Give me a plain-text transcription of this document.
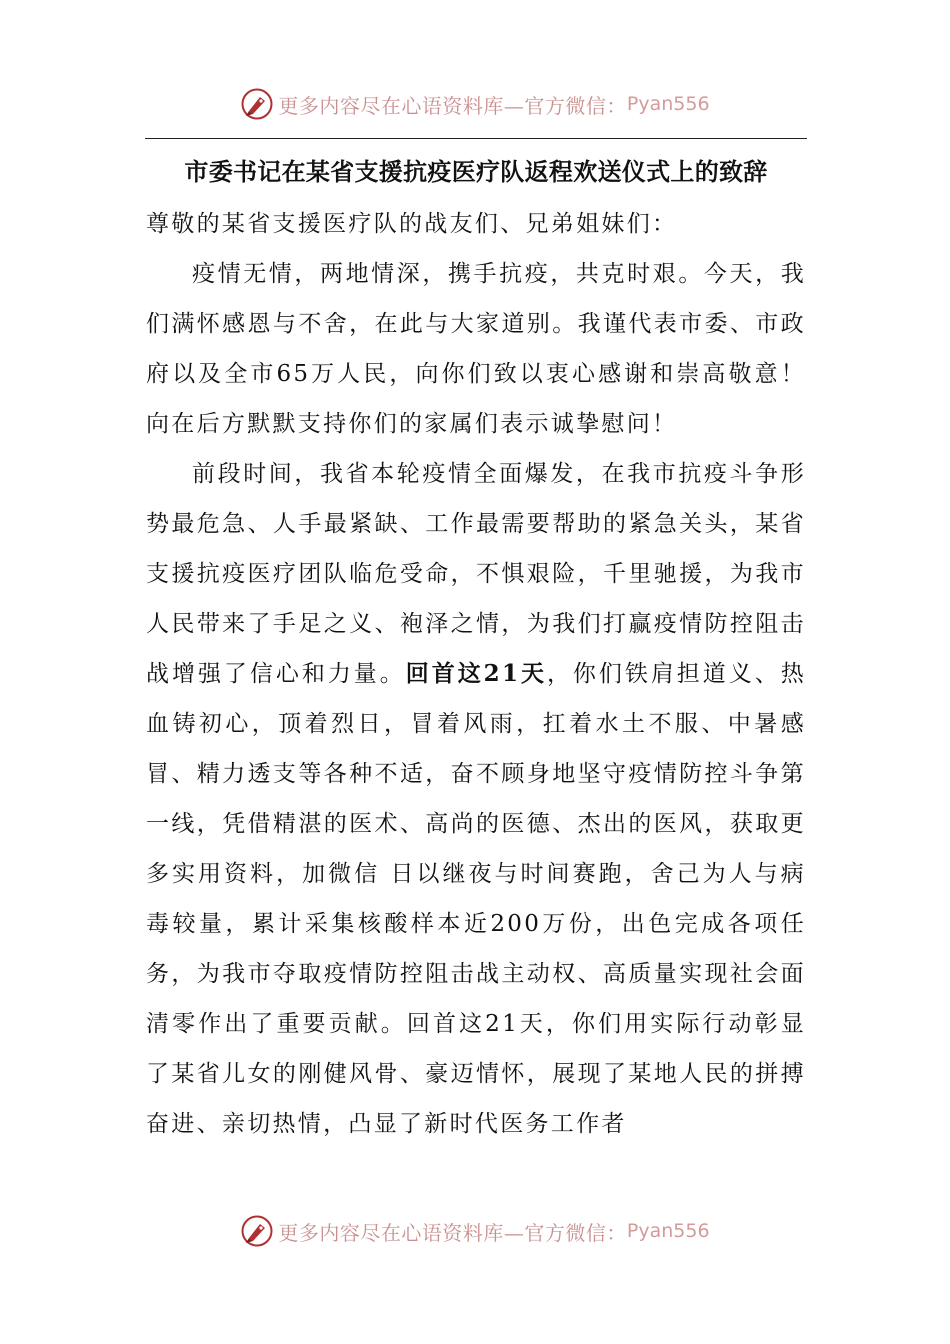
更多内容尽在心语资料库—官方微信： Pyan556
市委书记在某省支援抗疫医疗队返程欢送仪式上的致辞

尊敬的某省支援医疗队的战友们、兄弟姐妹们：

疫情无情，两地情深，携手抗疫，共克时艰。今天，我们满怀感恩与不舍，在此与大家道别。我谨代表市委、市政府以及全市65万人民，向你们致以衷心感谢和崇高敬意！向在后方默默支持你们的家属们表示诚挚慰问！

前段时间，我省本轮疫情全面爆发，在我市抗疫斗争形势最危急、人手最紧缺、工作最需要帮助的紧急关头，某省支援抗疫医疗团队临危受命，不惧艰险，千里驰援，为我市人民带来了手足之义、袍泽之情，为我们打赢疫情防控阻击战增强了信心和力量。回首这21天，你们铁肩担道义、热血铸初心，顶着烈日，冒着风雨，扛着水土不服、中暑感冒、精力透支等各种不适，奋不顾身地坚守疫情防控斗争第一线，凭借精湛的医术、高尚的医德、杰出的医风，获取更多实用资料，加微信 日以继夜与时间赛跑，舍己为人与病毒较量，累计采集核酸样本近200万份，出色完成各项任务，为我市夺取疫情防控阻击战主动权、高质量实现社会面清零作出了重要贡献。回首这21天，你们用实际行动彰显了某省儿女的刚健风骨、豪迈情怀，展现了某地人民的拼搏奋进、亲切热情，凸显了新时代医务工作者

更多内容尽在心语资料库—官方微信： Pyan556
